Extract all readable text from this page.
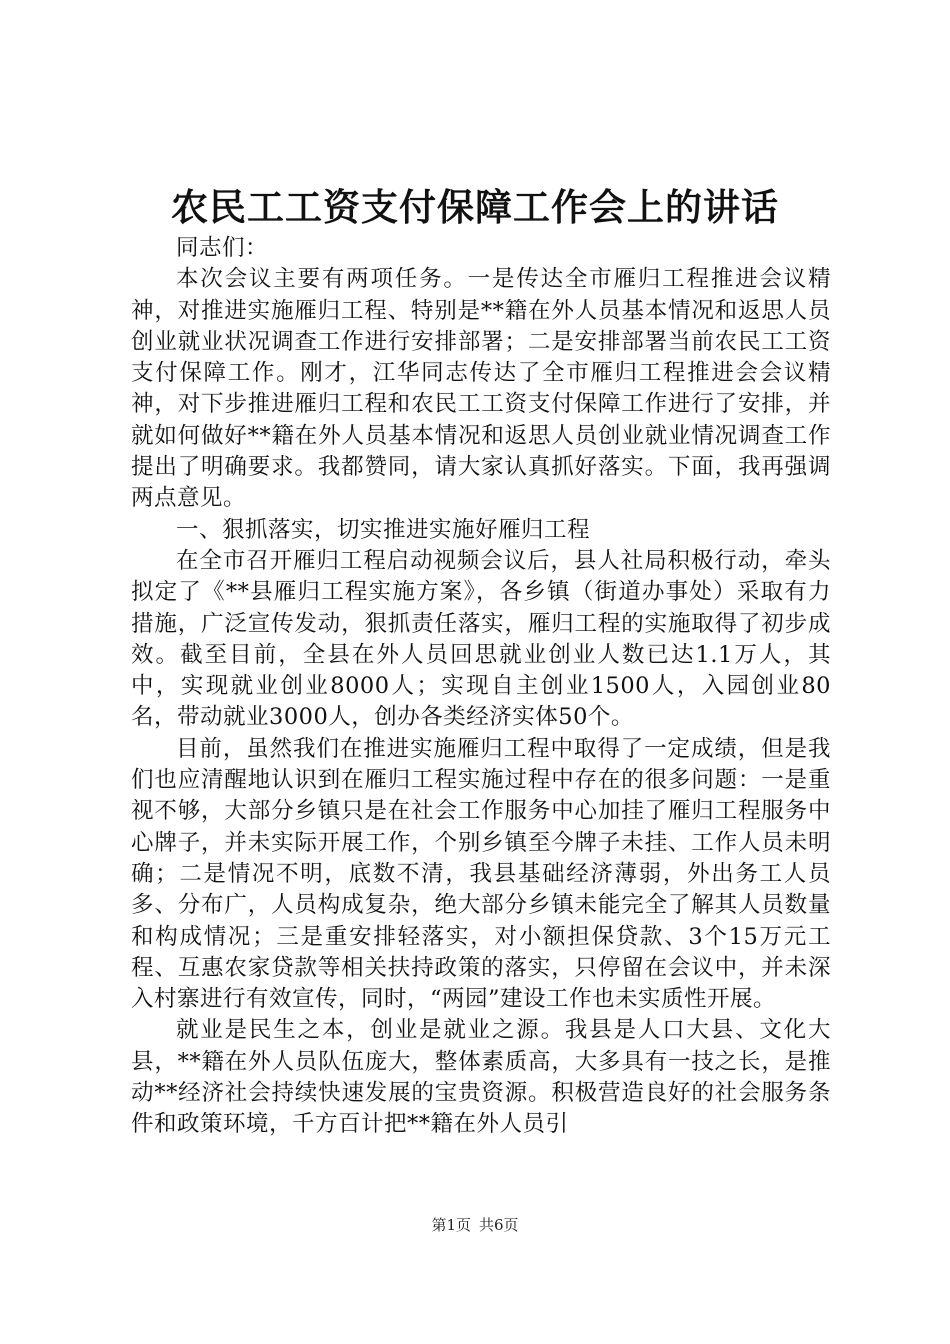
农民工工资支付保障工作会上的讲话

同志们：

本次会议主要有两项任务。一是传达全市雁归工程推进会议精神，对推进实施雁归工程、特别是**籍在外人员基本情况和返思人员创业就业状况调查工作进行安排部署；二是安排部署当前农民工工资支付保障工作。刚才，江华同志传达了全市雁归工程推进会会议精神，对下步推进雁归工程和农民工工资支付保障工作进行了安排，并就如何做好**籍在外人员基本情况和返思人员创业就业情况调查工作提出了明确要求。我都赞同，请大家认真抓好落实。下面，我再强调两点意见。

一、狠抓落实，切实推进实施好雁归工程

在全市召开雁归工程启动视频会议后，县人社局积极行动，牵头拟定了《**县雁归工程实施方案》，各乡镇（街道办事处）采取有力措施，广泛宣传发动，狠抓责任落实，雁归工程的实施取得了初步成效。截至目前，全县在外人员回思就业创业人数已达1.1万人，其中，实现就业创业8000人；实现自主创业1500人，入园创业80名，带动就业3000人，创办各类经济实体50个。

目前，虽然我们在推进实施雁归工程中取得了一定成绩，但是我们也应清醒地认识到在雁归工程实施过程中存在的很多问题：一是重视不够，大部分乡镇只是在社会工作服务中心加挂了雁归工程服务中心牌子，并未实际开展工作，个别乡镇至今牌子未挂、工作人员未明确；二是情况不明，底数不清，我县基础经济薄弱，外出务工人员多、分布广，人员构成复杂，绝大部分乡镇未能完全了解其人员数量和构成情况；三是重安排轻落实，对小额担保贷款、3个15万元工程、互惠农家贷款等相关扶持政策的落实，只停留在会议中，并未深入村寨进行有效宣传，同时，“两园”建设工作也未实质性开展。

就业是民生之本，创业是就业之源。我县是人口大县、文化大县，**籍在外人员队伍庞大，整体素质高，大多具有一技之长，是推动**经济社会持续快速发展的宝贵资源。积极营造良好的社会服务条件和政策环境，千方百计把**籍在外人员引

第1页 共6页
